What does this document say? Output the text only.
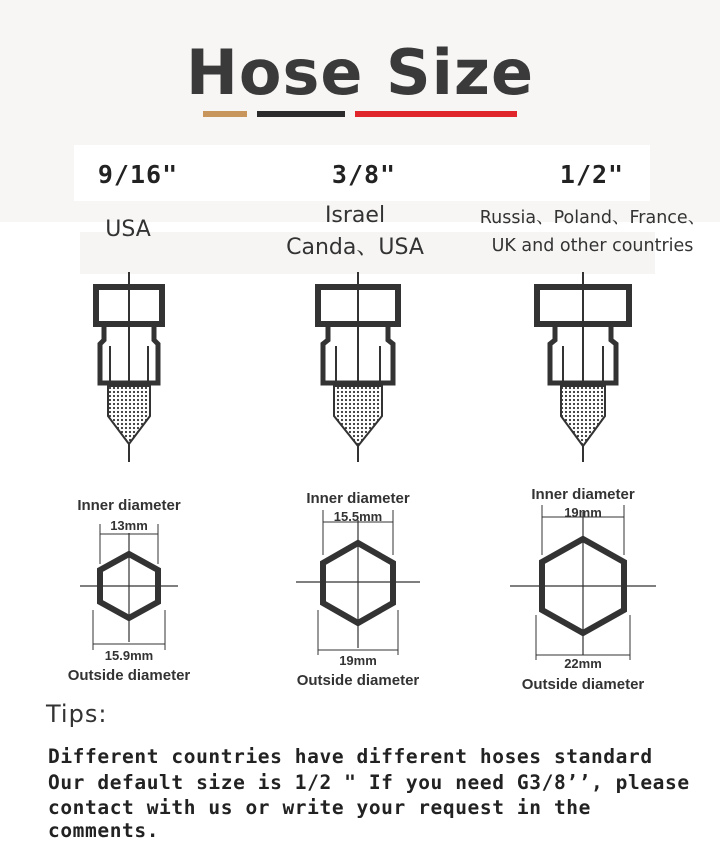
Hose Size
9/16"	3/8"	1/2"
USA
Israel
Canda、USA
Russia、Poland、France、
UK and other countries
Inner diameter
13mm
15.9mm
Outside diameter
Inner diameter
15.5mm
19mm
Outside diameter
Inner diameter
19mm
22mm
Outside diameter
Tips:
Different countries have different hoses standard
Our default size is 1/2 " If you need G3/8’’, please
contact with us or write your request in the
comments.
